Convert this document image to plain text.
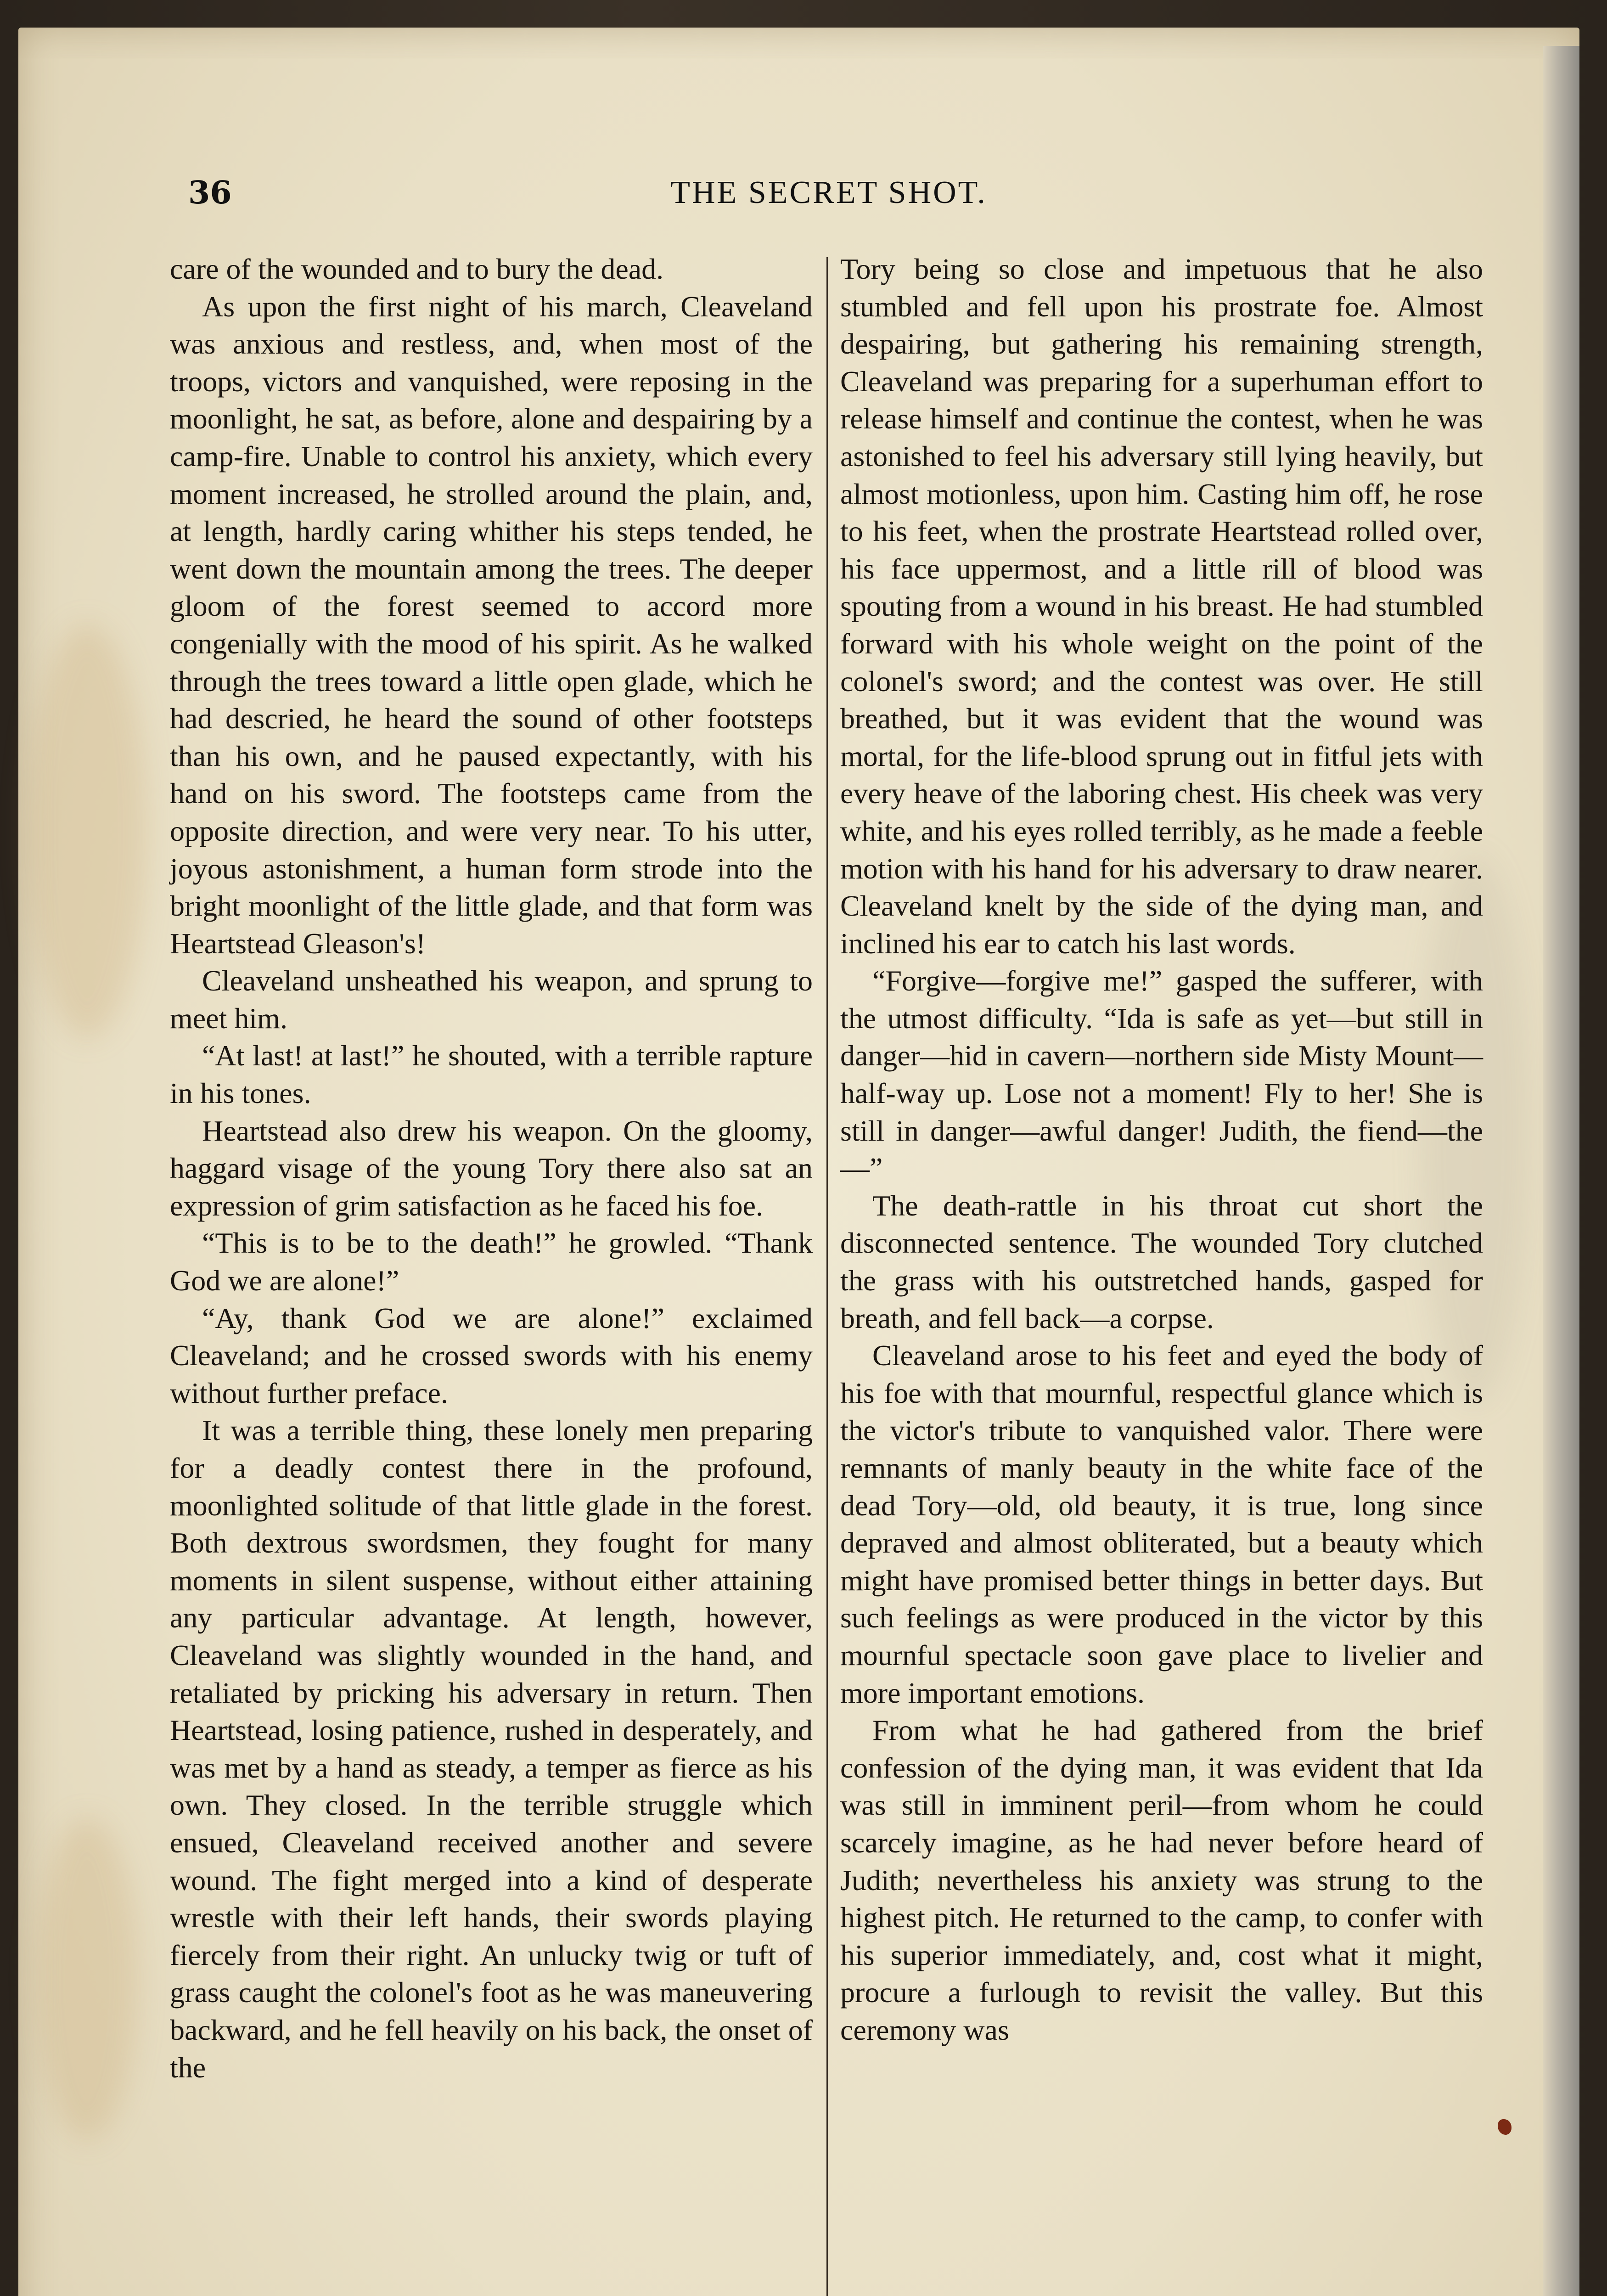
36	THE SECRET SHOT.

care of the wounded and to bury the dead.

As upon the first night of his march, Cleaveland was anxious and restless, and, when most of the troops, victors and vanquished, were reposing in the moonlight, he sat, as before, alone and despairing by a camp-fire. Unable to control his anxiety, which every moment increased, he strolled around the plain, and, at length, hardly caring whither his steps tended, he went down the mountain among the trees. The deeper gloom of the forest seemed to accord more congenially with the mood of his spirit. As he walked through the trees toward a little open glade, which he had descried, he heard the sound of other footsteps than his own, and he paused expectantly, with his hand on his sword. The footsteps came from the opposite direction, and were very near. To his utter, joyous astonishment, a human form strode into the bright moonlight of the little glade, and that form was Heartstead Gleason's!

Cleaveland unsheathed his weapon, and sprung to meet him.

“At last! at last!” he shouted, with a terrible rapture in his tones.

Heartstead also drew his weapon. On the gloomy, haggard visage of the young Tory there also sat an expression of grim satisfaction as he faced his foe.

“This is to be to the death!” he growled. “Thank God we are alone!”

“Ay, thank God we are alone!” exclaimed Cleaveland; and he crossed swords with his enemy without further preface.

It was a terrible thing, these lonely men preparing for a deadly contest there in the profound, moonlighted solitude of that little glade in the forest. Both dextrous swordsmen, they fought for many moments in silent suspense, without either attaining any particular advantage. At length, however, Cleaveland was slightly wounded in the hand, and retaliated by pricking his adversary in return. Then Heartstead, losing patience, rushed in desperately, and was met by a hand as steady, a temper as fierce as his own. They closed. In the terrible struggle which ensued, Cleaveland received another and severe wound. The fight merged into a kind of desperate wrestle with their left hands, their swords playing fiercely from their right. An unlucky twig or tuft of grass caught the colonel's foot as he was maneuvering backward, and he fell heavily on his back, the onset of the

Tory being so close and impetuous that he also stumbled and fell upon his prostrate foe. Almost despairing, but gathering his remaining strength, Cleaveland was preparing for a superhuman effort to release himself and continue the contest, when he was astonished to feel his adversary still lying heavily, but almost motionless, upon him. Casting him off, he rose to his feet, when the prostrate Heartstead rolled over, his face uppermost, and a little rill of blood was spouting from a wound in his breast. He had stumbled forward with his whole weight on the point of the colonel's sword; and the contest was over. He still breathed, but it was evident that the wound was mortal, for the life-blood sprung out in fitful jets with every heave of the laboring chest. His cheek was very white, and his eyes rolled terribly, as he made a feeble motion with his hand for his adversary to draw nearer. Cleaveland knelt by the side of the dying man, and inclined his ear to catch his last words.

“Forgive—forgive me!” gasped the sufferer, with the utmost difficulty. “Ida is safe as yet—but still in danger—hid in cavern—northern side Misty Mount—half-way up. Lose not a moment! Fly to her! She is still in danger—awful danger! Judith, the fiend—the—”

The death-rattle in his throat cut short the disconnected sentence. The wounded Tory clutched the grass with his outstretched hands, gasped for breath, and fell back—a corpse.

Cleaveland arose to his feet and eyed the body of his foe with that mournful, respectful glance which is the victor's tribute to vanquished valor. There were remnants of manly beauty in the white face of the dead Tory—old, old beauty, it is true, long since depraved and almost obliterated, but a beauty which might have promised better things in better days. But such feelings as were produced in the victor by this mournful spectacle soon gave place to livelier and more important emotions.

From what he had gathered from the brief confession of the dying man, it was evident that Ida was still in imminent peril—from whom he could scarcely imagine, as he had never before heard of Judith; nevertheless his anxiety was strung to the highest pitch. He returned to the camp, to confer with his superior immediately, and, cost what it might, procure a furlough to revisit the valley. But this ceremony was
